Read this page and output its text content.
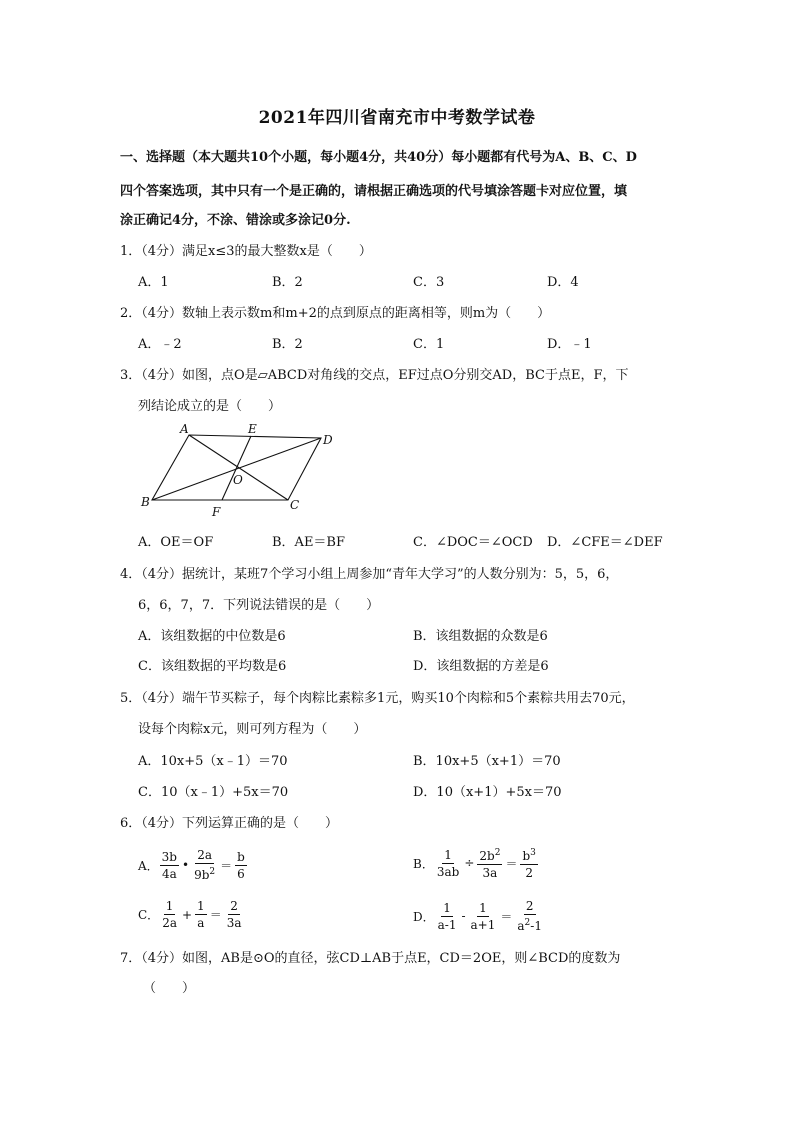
2021年四川省南充市中考数学试卷
一、选择题（本大题共10个小题，每小题4分，共40分）每小题都有代号为A、B、C、D
四个答案选项，其中只有一个是正确的，请根据正确选项的代号填涂答题卡对应位置，填
涂正确记4分，不涂、错涂或多涂记0分.
1．（4分）满足x≤3的最大整数x是（　　）
A．1	B．2	C．3	D．4
2．（4分）数轴上表示数m和m+2的点到原点的距离相等，则m为（　　）
A．﹣2	B．2	C．1	D．﹣1
3．（4分）如图，点O是▱ABCD对角线的交点，EF过点O分别交AD，BC于点E，F，下
列结论成立的是（　　）
A	E
D
O
B
F	C
A．OE＝OF	B．AE＝BF	C．∠DOC＝∠OCD D．∠CFE＝∠DEF
4．（4分）据统计，某班7个学习小组上周参加“青年大学习”的人数分别为：5，5，6，
6，6，7，7．下列说法错误的是（　　）
A．该组数据的中位数是6	B．该组数据的众数是6
C．该组数据的平均数是6	D．该组数据的方差是6
5．（4分）端午节买粽子，每个肉粽比素粽多1元，购买10个肉粽和5个素粽共用去70元，
设每个肉粽x元，则可列方程为（　　）
A．10x+5（x﹣1）＝70	B．10x+5（x+1）＝70
C．10（x﹣1）+5x＝70	D．10（x+1）+5x＝70
6．（4分）下列运算正确的是（　　）
A． $\frac{3b}{4a}$ • $\frac{2a}{9b^2} = \frac{b}{6}$	B． $\frac{1}{3ab} \div \frac{2b^2}{3a} = \frac{b^3}{2}$
C． $\frac{1}{2a} + \frac{1}{a} = \frac{2}{3a}$	D． $\frac{1}{a-1} - \frac{1}{a+1} = \frac{2}{a^2-1}$
7．（4分）如图，AB是⊙O的直径，弦CD⊥AB于点E，CD＝2OE，则∠BCD的度数为
（　　）
